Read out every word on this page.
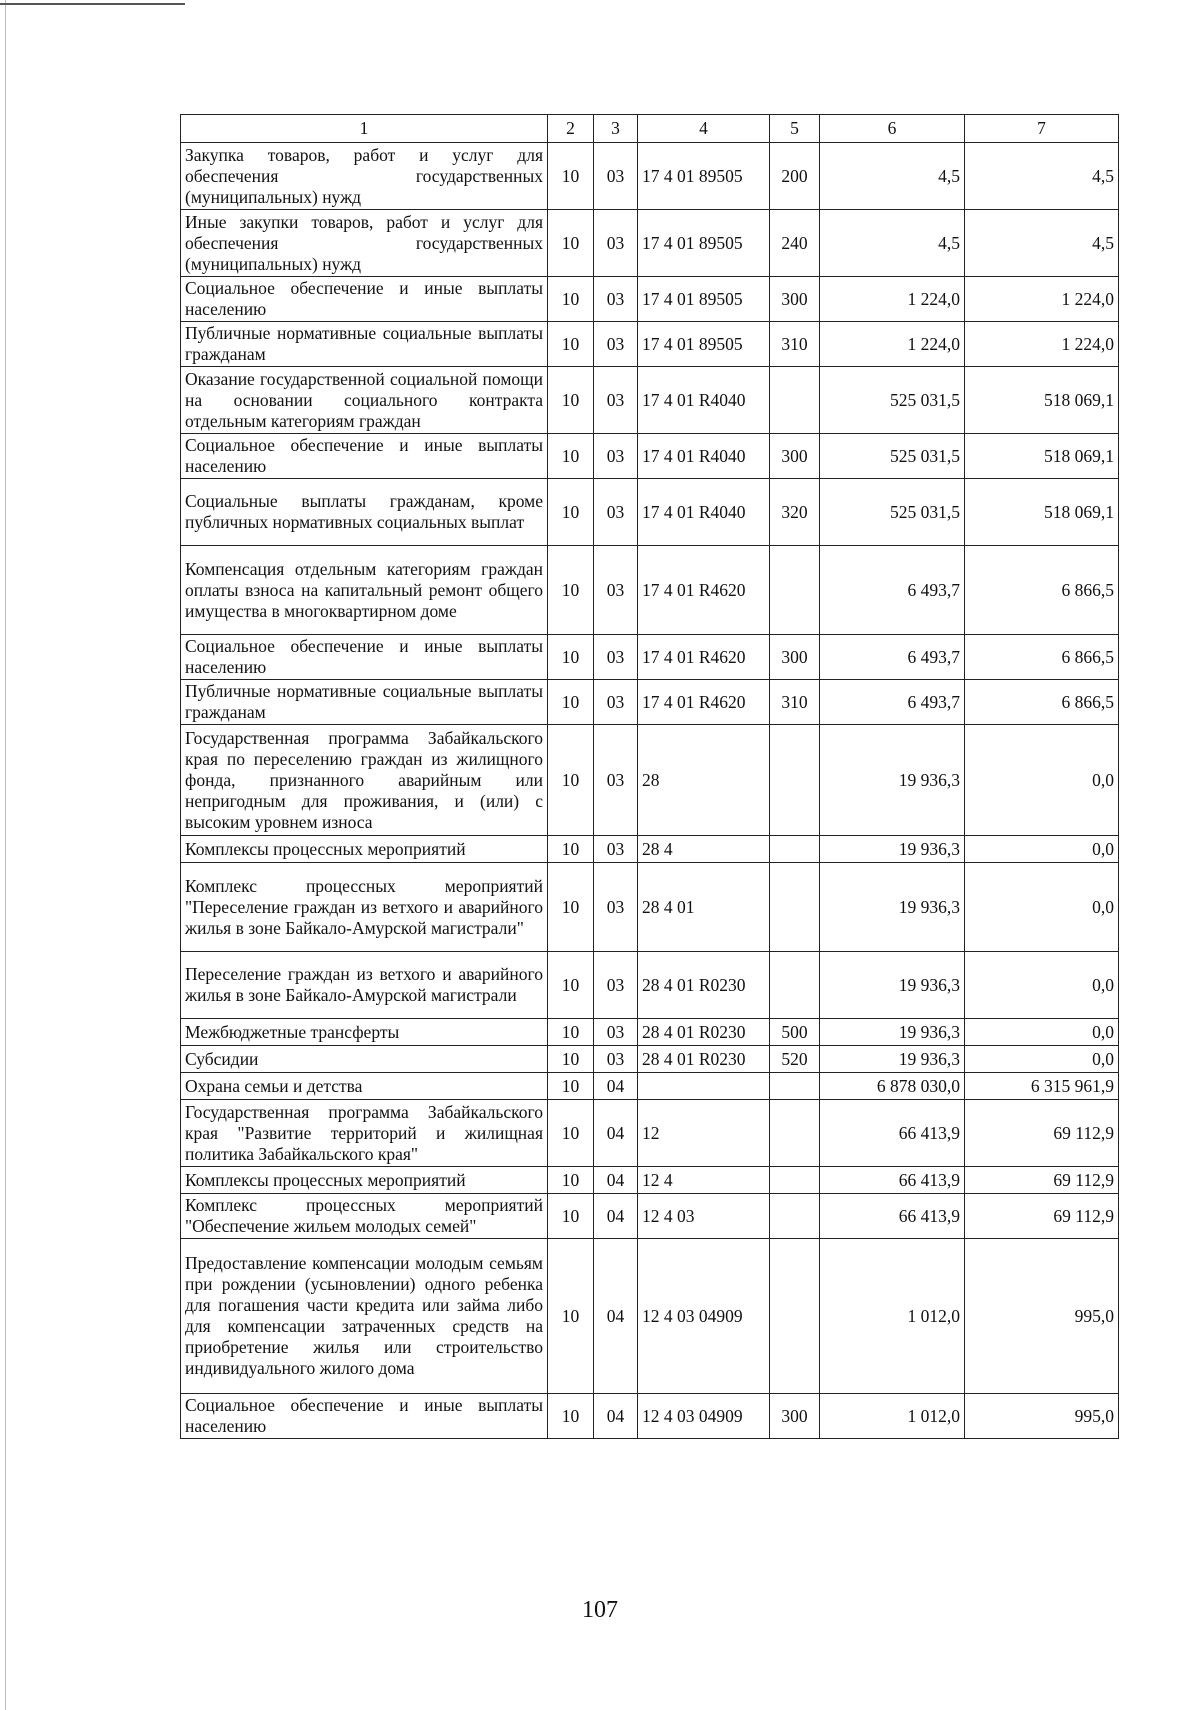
1	2	3	4	5	6	7
Закупка товаров, работ и услуг для обеспечения государственных (муниципальных) нужд	10	03	17 4 01 89505	200	4,5	4,5
Иные закупки товаров, работ и услуг для обеспечения государственных (муниципальных) нужд	10	03	17 4 01 89505	240	4,5	4,5
Социальное обеспечение и иные выплаты населению	10	03	17 4 01 89505	300	1 224,0	1 224,0
Публичные нормативные социальные выплаты гражданам	10	03	17 4 01 89505	310	1 224,0	1 224,0
Оказание государственной социальной помощи на основании социального контракта отдельным категориям граждан	10	03	17 4 01 R4040		525 031,5	518 069,1
Социальное обеспечение и иные выплаты населению	10	03	17 4 01 R4040	300	525 031,5	518 069,1
Социальные выплаты гражданам, кроме публичных нормативных социальных выплат	10	03	17 4 01 R4040	320	525 031,5	518 069,1
Компенсация отдельным категориям граждан оплаты взноса на капитальный ремонт общего имущества в многоквартирном доме	10	03	17 4 01 R4620		6 493,7	6 866,5
Социальное обеспечение и иные выплаты населению	10	03	17 4 01 R4620	300	6 493,7	6 866,5
Публичные нормативные социальные выплаты гражданам	10	03	17 4 01 R4620	310	6 493,7	6 866,5
Государственная программа Забайкальского края по переселению граждан из жилищного фонда, признанного аварийным или непригодным для проживания, и (или) с высоким уровнем износа	10	03	28		19 936,3	0,0
Комплексы процессных мероприятий	10	03	28 4		19 936,3	0,0
Комплекс процессных мероприятий "Переселение граждан из ветхого и аварийного жилья в зоне Байкало-Амурской магистрали"	10	03	28 4 01		19 936,3	0,0
Переселение граждан из ветхого и аварийного жилья в зоне Байкало-Амурской магистрали	10	03	28 4 01 R0230		19 936,3	0,0
Межбюджетные трансферты	10	03	28 4 01 R0230	500	19 936,3	0,0
Субсидии	10	03	28 4 01 R0230	520	19 936,3	0,0
Охрана семьи и детства	10	04			6 878 030,0	6 315 961,9
Государственная программа Забайкальского края "Развитие территорий и жилищная политика Забайкальского края"	10	04	12		66 413,9	69 112,9
Комплексы процессных мероприятий	10	04	12 4		66 413,9	69 112,9
Комплекс процессных мероприятий "Обеспечение жильем молодых семей"	10	04	12 4 03		66 413,9	69 112,9
Предоставление компенсации молодым семьям при рождении (усыновлении) одного ребенка для погашения части кредита или займа либо для компенсации затраченных средств на приобретение жилья или строительство индивидуального жилого дома	10	04	12 4 03 04909		1 012,0	995,0
Социальное обеспечение и иные выплаты населению	10	04	12 4 03 04909	300	1 012,0	995,0
107
